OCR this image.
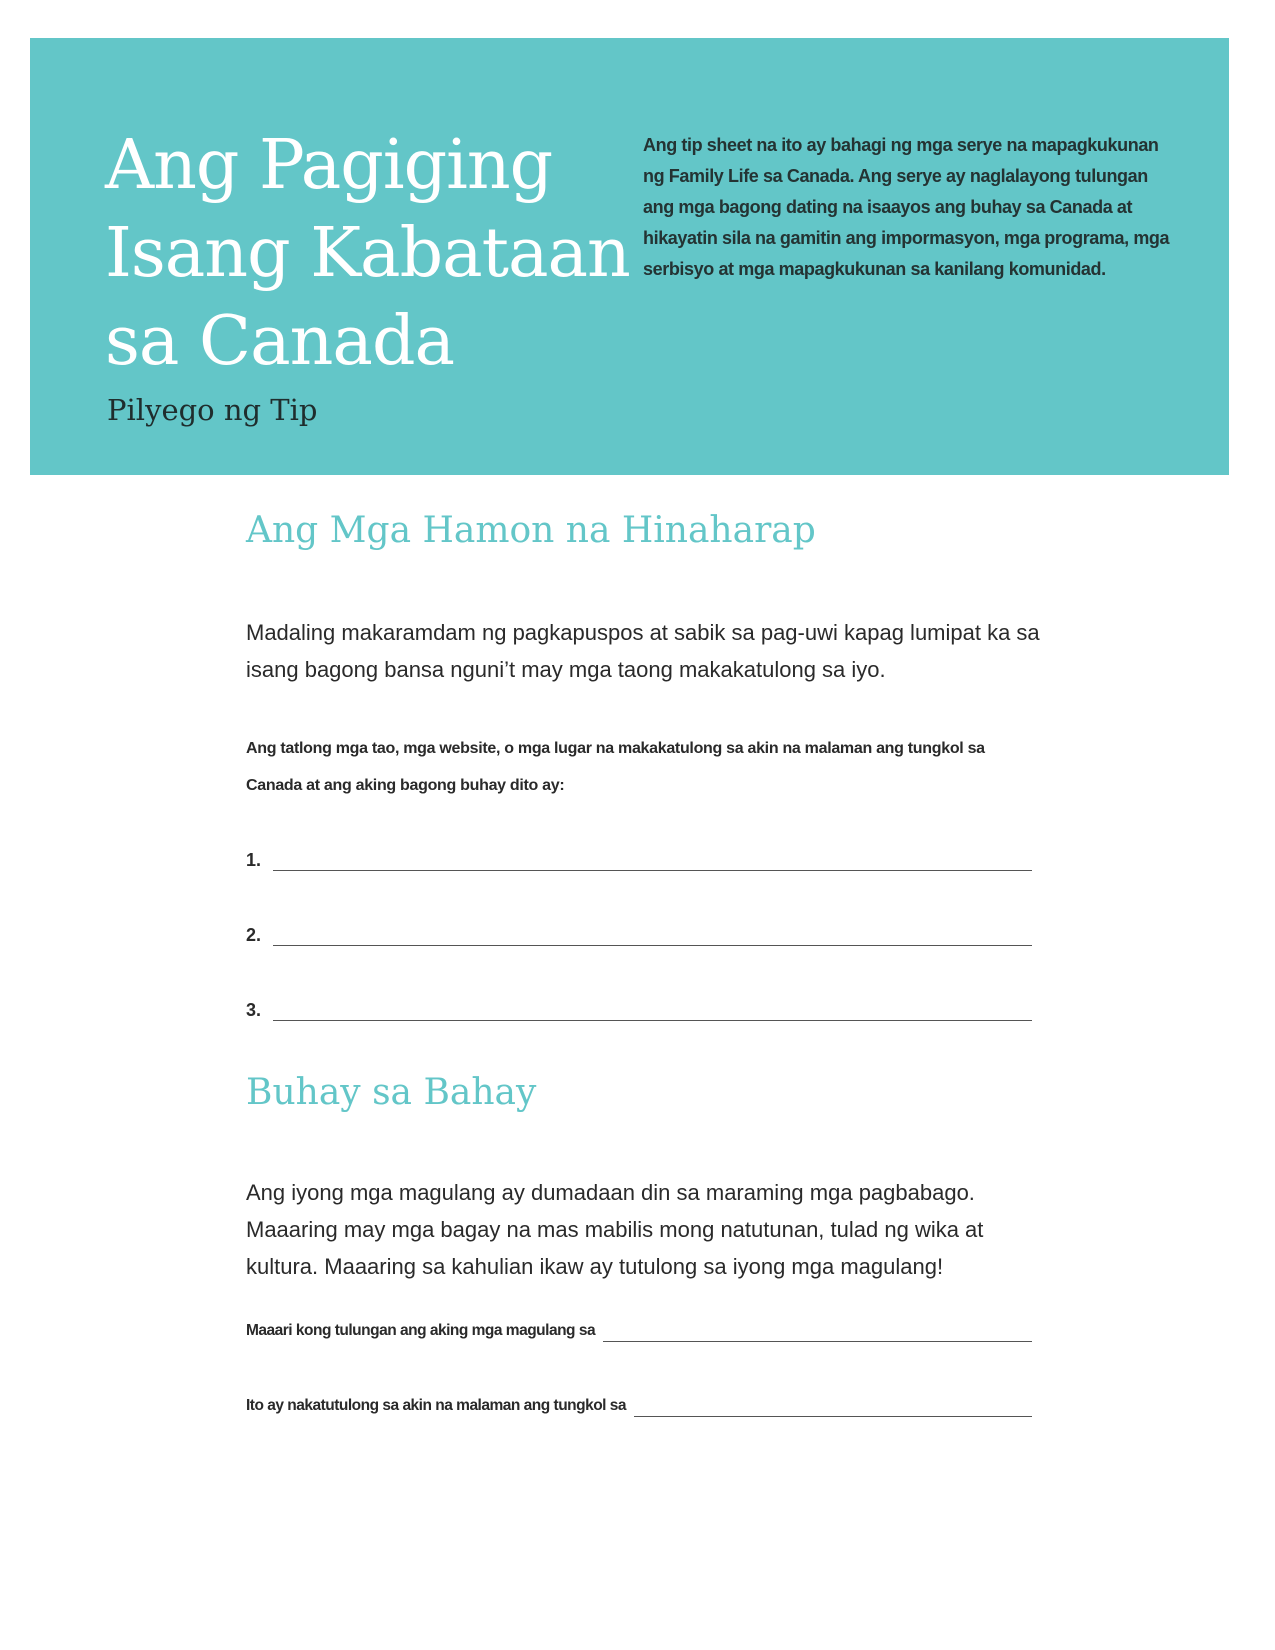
Ang Pagiging Isang Kabataan sa Canada
Pilyego ng Tip
Ang tip sheet na ito ay bahagi ng mga serye na mapagkukunan ng Family Life sa Canada. Ang serye ay naglalayong tulungan ang mga bagong dating na isaayos ang buhay sa Canada at hikayatin sila na gamitin ang impormasyon, mga programa, mga serbisyo at mga mapagkukunan sa kanilang komunidad.
Ang Mga Hamon na Hinaharap
Madaling makaramdam ng pagkapuspos at sabik sa pag-uwi kapag lumipat ka sa isang bagong bansa nguni’t may mga taong makakatulong sa iyo.
Ang tatlong mga tao, mga website, o mga lugar na makakatulong sa akin na malaman ang tungkol sa Canada at ang aking bagong buhay dito ay:
1.
2.
3.
Buhay sa Bahay
Ang iyong mga magulang ay dumadaan din sa maraming mga pagbabago. Maaaring may mga bagay na mas mabilis mong natutunan, tulad ng wika at kultura. Maaaring sa kahulian ikaw ay tutulong sa iyong mga magulang!
Maaari kong tulungan ang aking mga magulang sa
Ito ay nakatutulong sa akin na malaman ang tungkol sa
